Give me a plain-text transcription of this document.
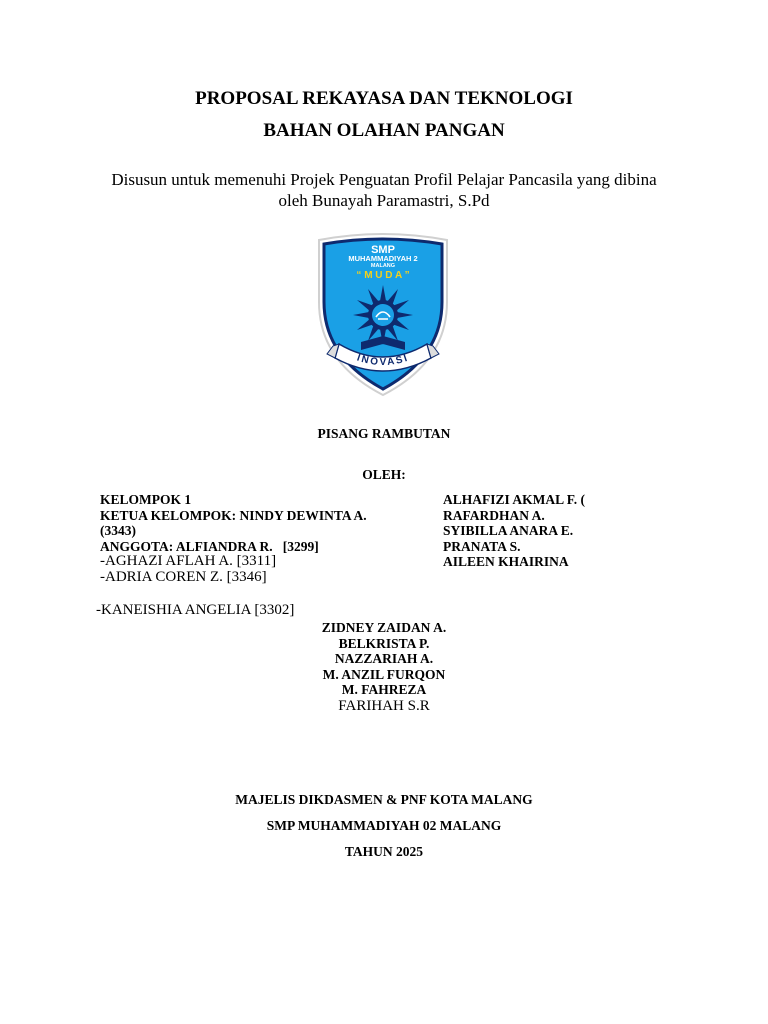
PROPOSAL REKAYASA DAN TEKNOLOGI
BAHAN OLAHAN PANGAN
Disusun untuk memenuhi Projek Penguatan Profil Pelajar Pancasila yang dibina
oleh Bunayah Paramastri, S.Pd
SMP
MUHAMMADIYAH 2
MALANG
“ M U D A ”
INOVASI
PISANG RAMBUTAN
OLEH:
KELOMPOK 1
KETUA KELOMPOK: NINDY DEWINTA A.
(3343)
ANGGOTA: ALFIANDRA R.   [3299]
-AGHAZI AFLAH A. [3311]
-ADRIA COREN Z. [3346]
-KANEISHIA ANGELIA [3302]
ALHAFIZI AKMAL F. (
RAFARDHAN A.
SYIBILLA ANARA E.
PRANATA S.
AILEEN KHAIRINA
ZIDNEY ZAIDAN A.
BELKRISTA P.
NAZZARIAH A.
M. ANZIL FURQON
M. FAHREZA
FARIHAH S.R
MAJELIS DIKDASMEN & PNF KOTA MALANG
SMP MUHAMMADIYAH 02 MALANG
TAHUN 2025
